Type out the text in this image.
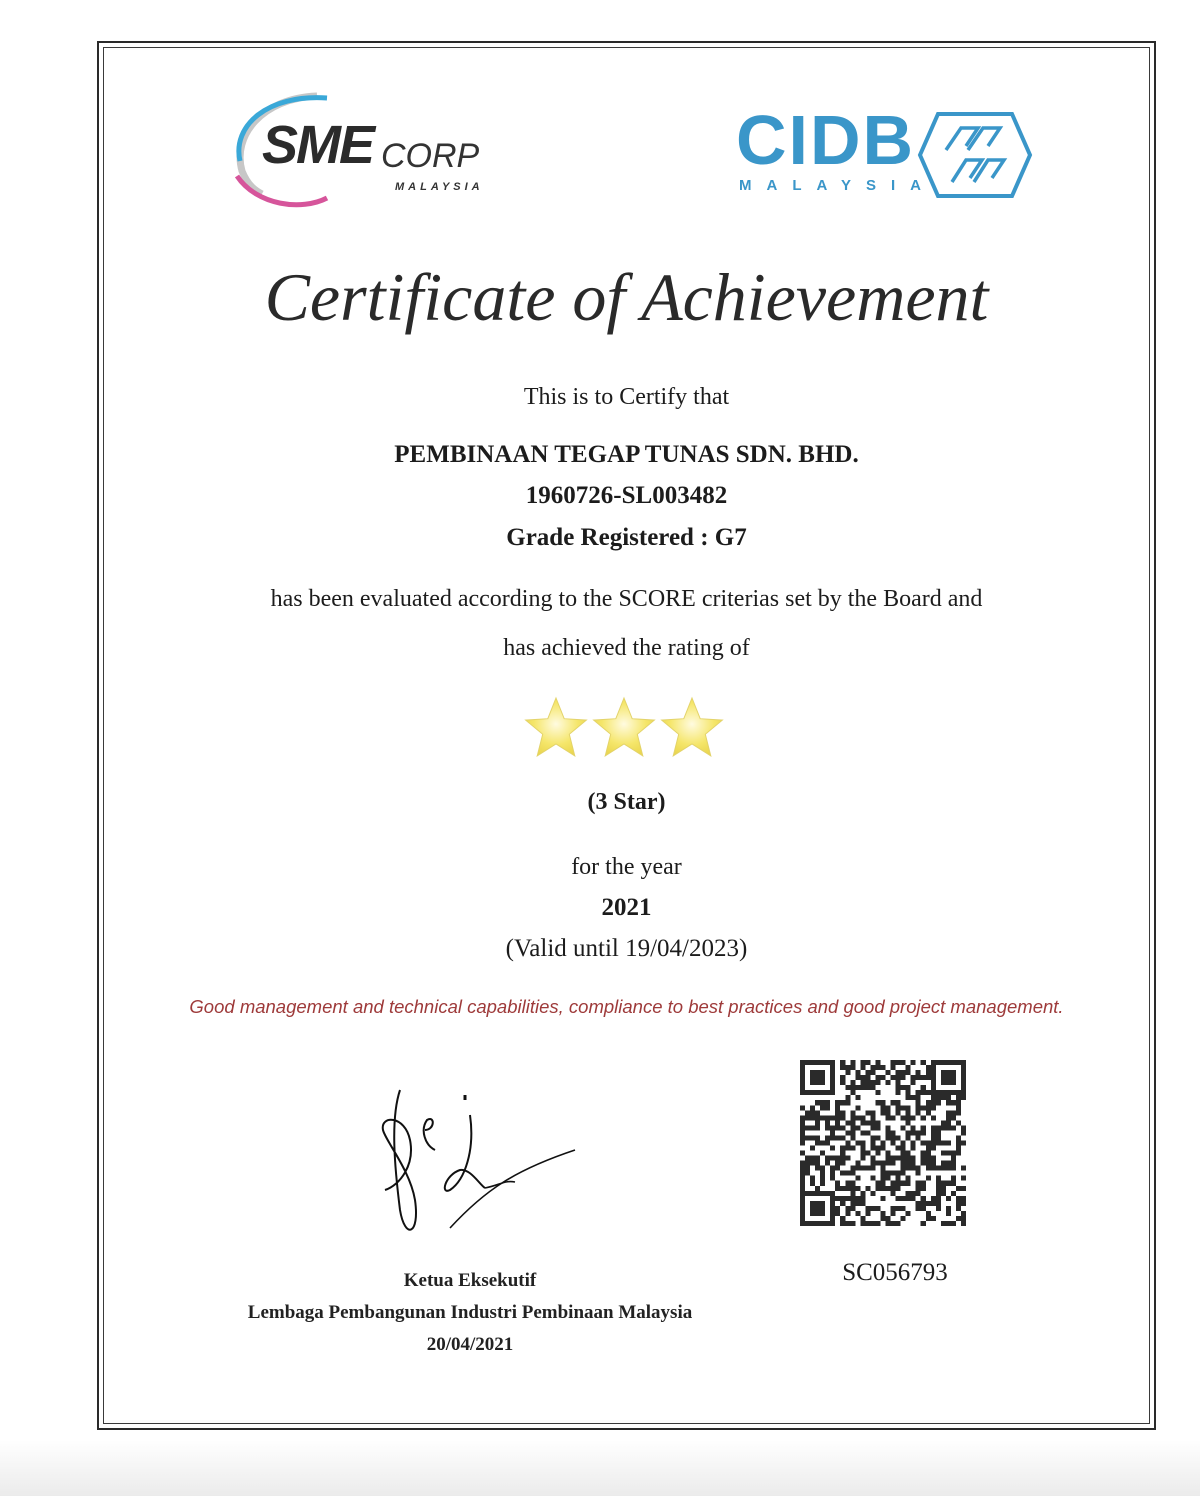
SME CORP
MALAYSIA
CIDB
MALAYSIA
Certificate of Achievement
This is to Certify that
PEMBINAAN TEGAP TUNAS SDN. BHD.
1960726-SL003482
Grade Registered : G7
has been evaluated according to the SCORE criterias set by the Board and
has achieved the rating of
(3 Star)
for the year
2021
(Valid until 19/04/2023)
Good management and technical capabilities, compliance to best practices and good project management.
Ketua Eksekutif
Lembaga Pembangunan Industri Pembinaan Malaysia
20/04/2021
SC056793
